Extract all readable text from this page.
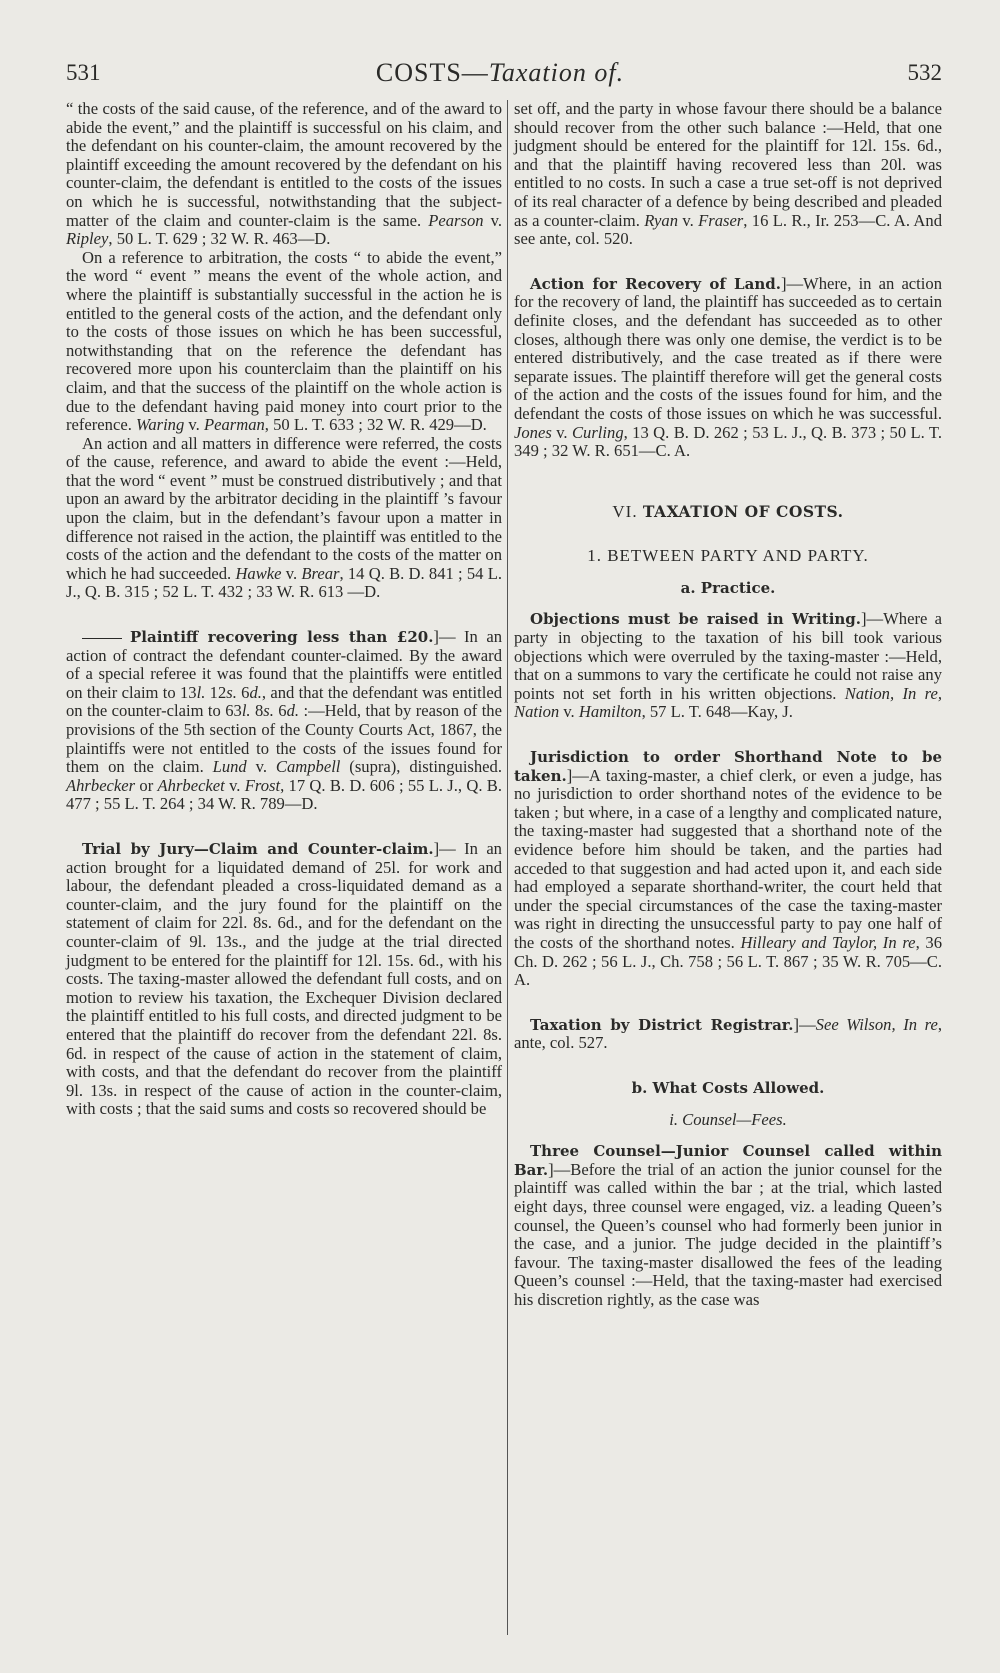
531	COSTS—Taxation of.	532

“ the costs of the said cause, of the reference, and of the award to abide the event,” and the plaintiff is successful on his claim, and the defendant on his counter-claim, the amount recovered by the plaintiff exceeding the amount recovered by the defendant on his counter-claim, the defendant is entitled to the costs of the issues on which he is successful, notwithstanding that the subject-matter of the claim and counter-claim is the same. Pearson v. Ripley, 50 L. T. 629 ; 32 W. R. 463—D.

On a reference to arbitration, the costs “ to abide the event,” the word “ event ” means the event of the whole action, and where the plaintiff is substantially successful in the action he is entitled to the general costs of the action, and the defendant only to the costs of those issues on which he has been successful, notwithstanding that on the reference the defendant has recovered more upon his counterclaim than the plaintiff on his claim, and that the success of the plaintiff on the whole action is due to the defendant having paid money into court prior to the reference. Waring v. Pearman, 50 L. T. 633 ; 32 W. R. 429—D.

An action and all matters in difference were referred, the costs of the cause, reference, and award to abide the event :—Held, that the word “ event ” must be construed distributively ; and that upon an award by the arbitrator deciding in the plaintiff ’s favour upon the claim, but in the defendant’s favour upon a matter in difference not raised in the action, the plaintiff was entitled to the costs of the action and the defendant to the costs of the matter on which he had succeeded. Hawke v. Brear, 14 Q. B. D. 841 ; 54 L. J., Q. B. 315 ; 52 L. T. 432 ; 33 W. R. 613 —D.

Plaintiff recovering less than £20.]— In an action of contract the defendant counter-claimed. By the award of a special referee it was found that the plaintiffs were entitled on their claim to 13l. 12s. 6d., and that the defendant was entitled on the counter-claim to 63l. 8s. 6d. :—Held, that by reason of the provisions of the 5th section of the County Courts Act, 1867, the plaintiffs were not entitled to the costs of the issues found for them on the claim. Lund v. Campbell (supra), distinguished. Ahrbecker or Ahrbecket v. Frost, 17 Q. B. D. 606 ; 55 L. J., Q. B. 477 ; 55 L. T. 264 ; 34 W. R. 789—D.

Trial by Jury—Claim and Counter-claim.]— In an action brought for a liquidated demand of 25l. for work and labour, the defendant pleaded a cross-liquidated demand as a counter-claim, and the jury found for the plaintiff on the statement of claim for 22l. 8s. 6d., and for the defendant on the counter-claim of 9l. 13s., and the judge at the trial directed judgment to be entered for the plaintiff for 12l. 15s. 6d., with his costs. The taxing-master allowed the defendant full costs, and on motion to review his taxation, the Exchequer Division declared the plaintiff entitled to his full costs, and directed judgment to be entered that the plaintiff do recover from the defendant 22l. 8s. 6d. in respect of the cause of action in the statement of claim, with costs, and that the defendant do recover from the plaintiff 9l. 13s. in respect of the cause of action in the counter-claim, with costs ; that the said sums and costs so recovered should be

set off, and the party in whose favour there should be a balance should recover from the other such balance :—Held, that one judgment should be entered for the plaintiff for 12l. 15s. 6d., and that the plaintiff having recovered less than 20l. was entitled to no costs. In such a case a true set-off is not deprived of its real character of a defence by being described and pleaded as a counter-claim. Ryan v. Fraser, 16 L. R., Ir. 253—C. A. And see ante, col. 520.

Action for Recovery of Land.]—Where, in an action for the recovery of land, the plaintiff has succeeded as to certain definite closes, and the defendant has succeeded as to other closes, although there was only one demise, the verdict is to be entered distributively, and the case treated as if there were separate issues. The plaintiff therefore will get the general costs of the action and the costs of the issues found for him, and the defendant the costs of those issues on which he was successful. Jones v. Curling, 13 Q. B. D. 262 ; 53 L. J., Q. B. 373 ; 50 L. T. 349 ; 32 W. R. 651—C. A.

VI. TAXATION OF COSTS.

1. BETWEEN PARTY AND PARTY.

a. Practice.

Objections must be raised in Writing.]—Where a party in objecting to the taxation of his bill took various objections which were overruled by the taxing-master :—Held, that on a summons to vary the certificate he could not raise any points not set forth in his written objections. Nation, In re, Nation v. Hamilton, 57 L. T. 648—Kay, J.

Jurisdiction to order Shorthand Note to be taken.]—A taxing-master, a chief clerk, or even a judge, has no jurisdiction to order shorthand notes of the evidence to be taken ; but where, in a case of a lengthy and complicated nature, the taxing-master had suggested that a shorthand note of the evidence before him should be taken, and the parties had acceded to that suggestion and had acted upon it, and each side had employed a separate shorthand-writer, the court held that under the special circumstances of the case the taxing-master was right in directing the unsuccessful party to pay one half of the costs of the shorthand notes. Hilleary and Taylor, In re, 36 Ch. D. 262 ; 56 L. J., Ch. 758 ; 56 L. T. 867 ; 35 W. R. 705—C. A.

Taxation by District Registrar.]—See Wilson, In re, ante, col. 527.

b. What Costs Allowed.

i. Counsel—Fees.

Three Counsel—Junior Counsel called within Bar.]—Before the trial of an action the junior counsel for the plaintiff was called within the bar ; at the trial, which lasted eight days, three counsel were engaged, viz. a leading Queen’s counsel, the Queen’s counsel who had formerly been junior in the case, and a junior. The judge decided in the plaintiff’s favour. The taxing-master disallowed the fees of the leading Queen’s counsel :—Held, that the taxing-master had exercised his discretion rightly, as the case was
